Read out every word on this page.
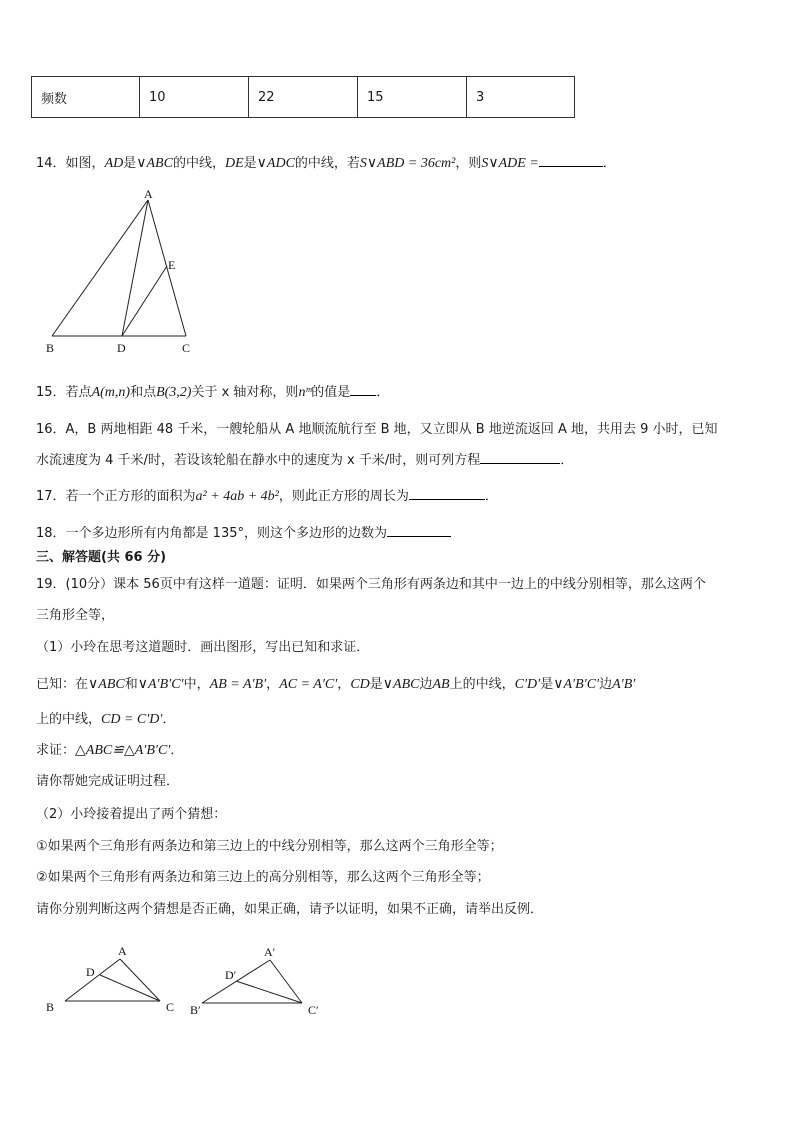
频数	10	22	15	3
14．如图，AD是∨ABC的中线，DE是∨ADC的中线，若S∨ABD = 36cm²，则S∨ADE =	．
A
E
B	D	C
15．若点A(m,n)和点B(3,2)关于 x 轴对称，则nᵐ的值是 ．
16．A，B 两地相距 48 千米，一艘轮船从 A 地顺流航行至 B 地，又立即从 B 地逆流返回 A 地，共用去 9 小时，已知
水流速度为 4 千米/时，若设该轮船在静水中的速度为 x 千米/时，则可列方程	．
17．若一个正方形的面积为a² + 4ab + 4b²，则此正方形的周长为	．
18．一个多边形所有内角都是 135°，则这个多边形的边数为
三、解答题(共 66 分)
19．(10分）课本 56页中有这样一道题：证明．如果两个三角形有两条边和其中一边上的中线分别相等，那么这两个
三角形全等，
（1）小玲在思考这道题时．画出图形，写出已知和求证．
已知：在∨ABC和∨A′B′C′中，AB = A′B′，AC = A′C′，CD是∨ABC边AB上的中线，C′D′是∨A′B′C′边A′B′
上的中线，CD = C′D′．
求证：△ABC≌△A′B′C′．
请你帮她完成证明过程．
（2）小玲接着提出了两个猜想：
①如果两个三角形有两条边和第三边上的中线分别相等，那么这两个三角形全等；
②如果两个三角形有两条边和第三边上的高分别相等，那么这两个三角形全等；
请你分别判断这两个猜想是否正确，如果正确，请予以证明，如果不正确，请举出反例．
A
D
B	C
A′
D′
B′	C′
